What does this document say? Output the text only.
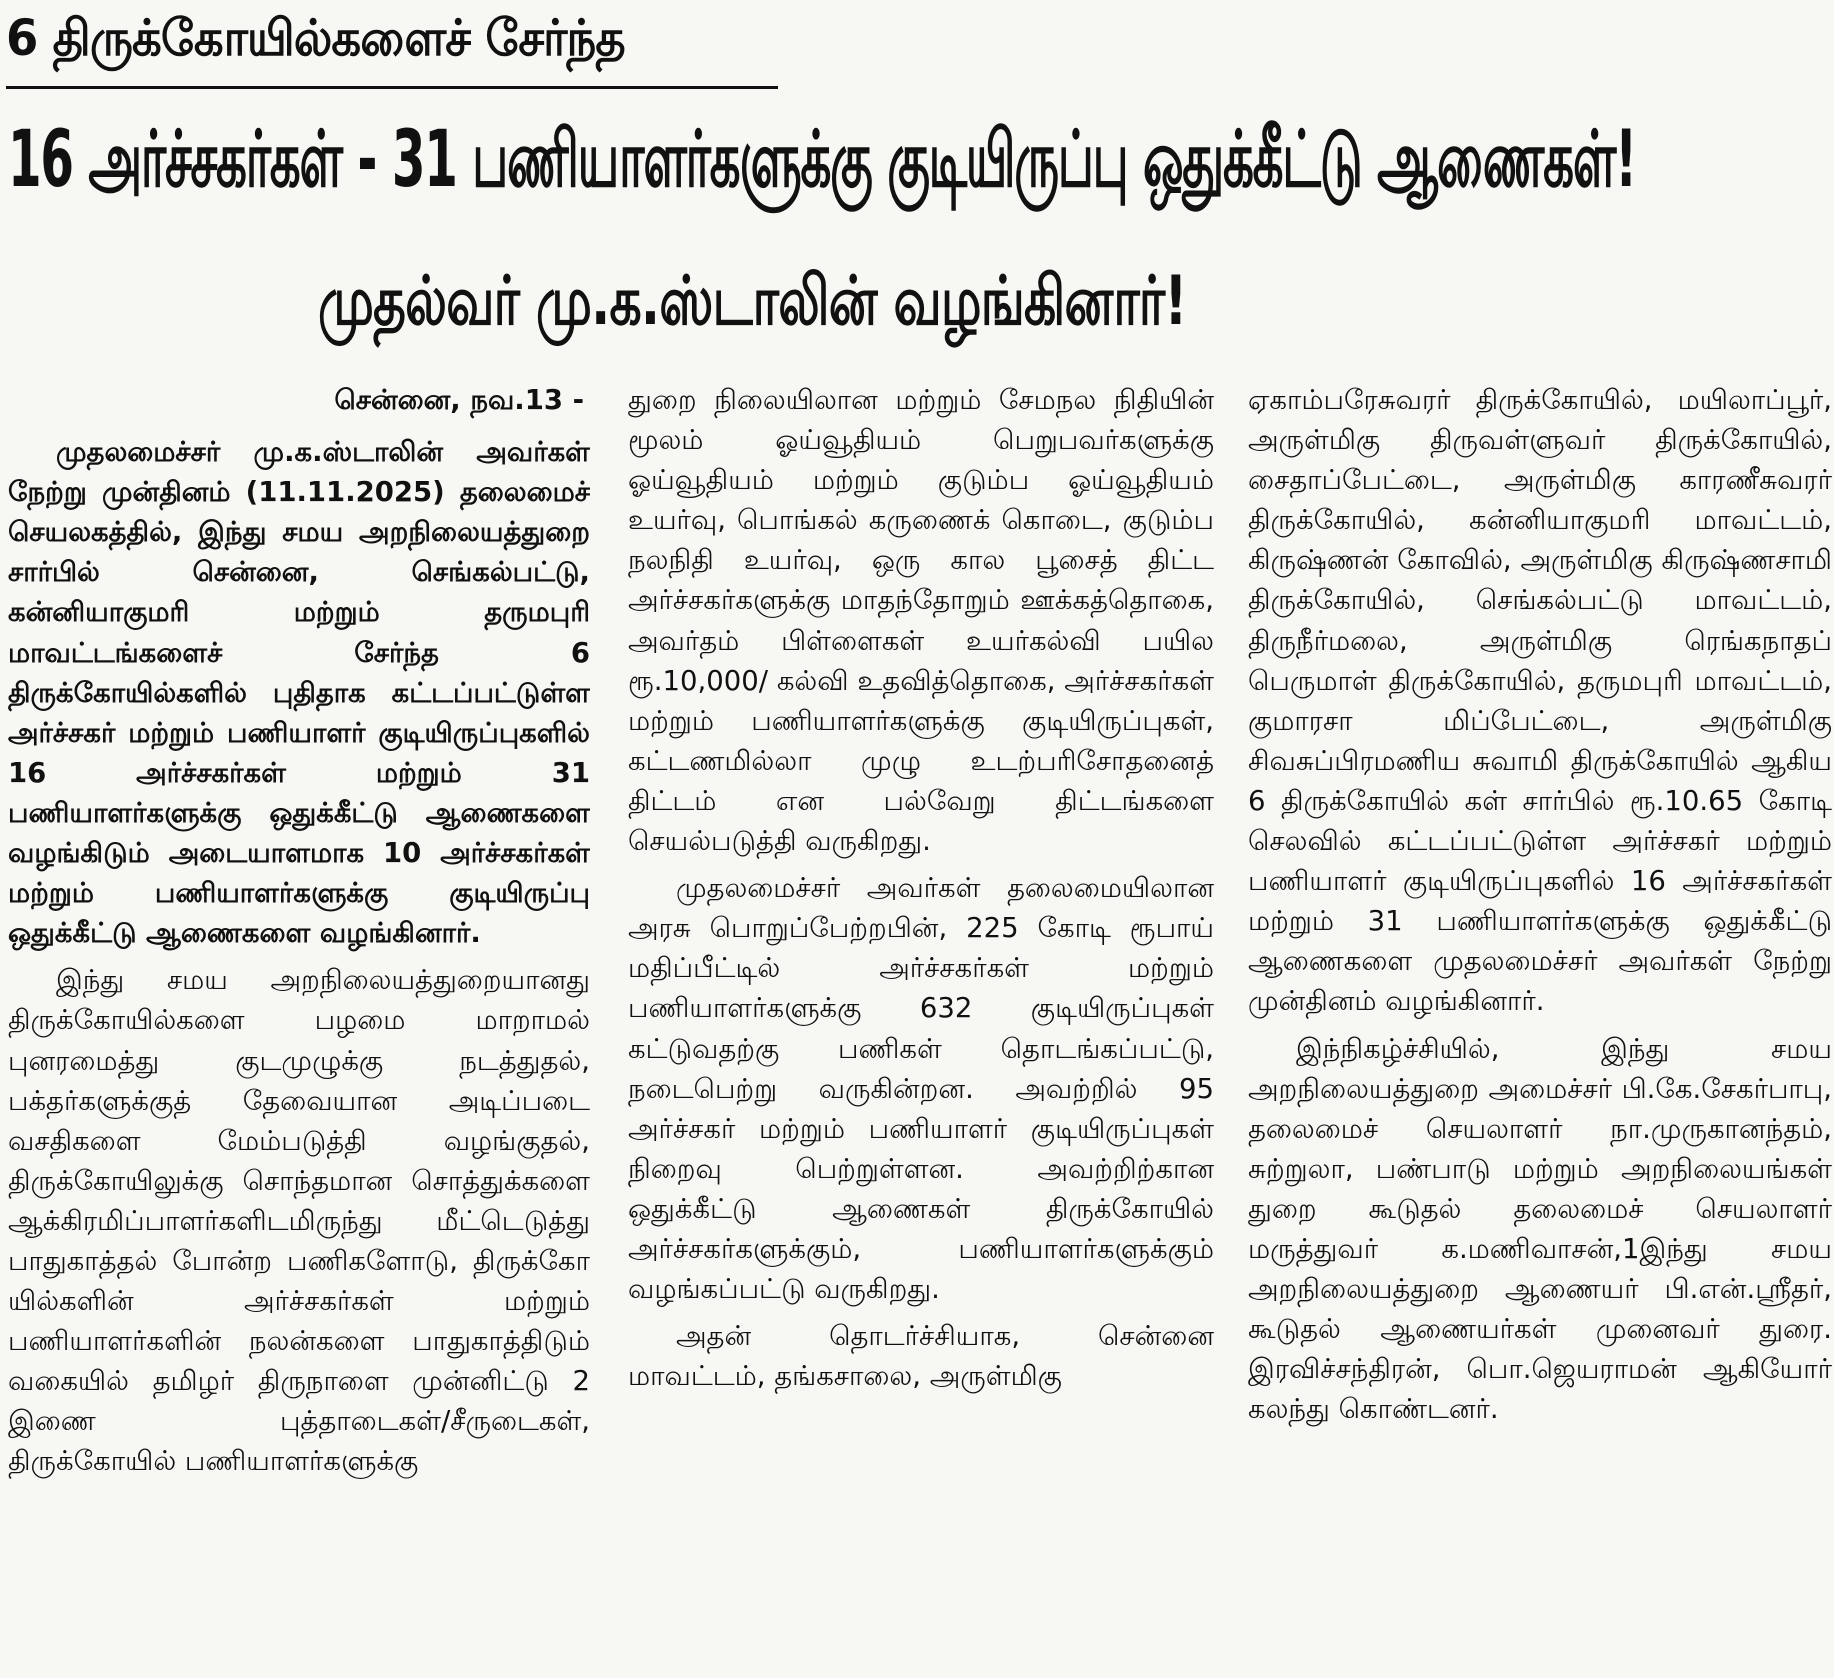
6 திருக்கோயில்களைச் சேர்ந்த
16 அர்ச்சகர்கள் - 31 பணியாளர்களுக்கு குடியிருப்பு ஒதுக்கீட்டு ஆணைகள்!
முதல்வர் மு.க.ஸ்டாலின் வழங்கினார்!
சென்னை, நவ.13 -

முதலமைச்சர் மு.க.ஸ்டாலின் அவர்கள் நேற்று முன்தினம் (11.11.2025) தலைமைச் செயலகத்தில், இந்து சமய அறநிலையத்துறை சார்பில் சென்னை, செங்கல்பட்டு, கன்னியாகுமரி மற்றும் தருமபுரி மாவட்டங்களைச் சேர்ந்த 6 திருக்கோயில்களில் புதிதாக கட்டப்பட்டுள்ள அர்ச்சகர் மற்றும் பணியாளர் குடியிருப்புகளில் 16 அர்ச்சகர்கள் மற்றும் 31 பணியாளர்களுக்கு ஒதுக்கீட்டு ஆணைகளை வழங்கிடும் அடையாளமாக 10 அர்ச்சகர்கள் மற்றும் பணியாளர்களுக்கு குடியிருப்பு ஒதுக்கீட்டு ஆணைகளை வழங்கினார்.

இந்து சமய அறநிலையத்துறையானது திருக்கோயில்களை பழமை மாறாமல் புனரமைத்து குடமுழுக்கு நடத்துதல், பக்தர்களுக்குத் தேவையான அடிப்படை வசதிகளை மேம்படுத்தி வழங்குதல், திருக்கோயிலுக்கு சொந்தமான சொத்துக்களை ஆக்கிரமிப்பாளர்களிடமிருந்து மீட்டெடுத்து பாதுகாத்தல் போன்ற பணிகளோடு, திருக்கோ யில்களின் அர்ச்சகர்கள் மற்றும் பணியாளர்களின் நலன்களை பாதுகாத்திடும் வகையில் தமிழர் திருநாளை முன்னிட்டு 2 இணை புத்தாடைகள்/சீருடைகள், திருக்கோயில் பணியாளர்களுக்கு

துறை நிலையிலான மற்றும் சேமநல நிதியின் மூலம் ஓய்வூதியம் பெறுபவர்களுக்கு ஓய்வூதியம் மற்றும் குடும்ப ஓய்வூதியம் உயர்வு, பொங்கல் கருணைக் கொடை, குடும்ப நலநிதி உயர்வு, ஒரு கால பூசைத் திட்ட அர்ச்சகர்களுக்கு மாதந்தோறும் ஊக்கத்தொகை, அவர்தம் பிள்ளைகள் உயர்கல்வி பயில ரூ.10,000/ கல்வி உதவித்தொகை, அர்ச்சகர்கள் மற்றும் பணியாளர்களுக்கு குடியிருப்புகள், கட்டணமில்லா முழு உடற்பரிசோதனைத் திட்டம் என பல்வேறு திட்டங்களை செயல்படுத்தி வருகிறது.

முதலமைச்சர் அவர்கள் தலைமையிலான அரசு பொறுப்பேற்றபின், 225 கோடி ரூபாய் மதிப்பீட்டில் அர்ச்சகர்கள் மற்றும் பணியாளர்களுக்கு 632 குடியிருப்புகள் கட்டுவதற்கு பணிகள் தொடங்கப்பட்டு, நடைபெற்று வருகின்றன. அவற்றில் 95 அர்ச்சகர் மற்றும் பணியாளர் குடியிருப்புகள் நிறைவு பெற்றுள்ளன. அவற்றிற்கான ஒதுக்கீட்டு ஆணைகள் திருக்கோயில் அர்ச்சகர்களுக்கும், பணியாளர்களுக்கும் வழங்கப்பட்டு வருகிறது.

அதன் தொடர்ச்சியாக, சென்னை மாவட்டம், தங்கசாலை, அருள்மிகு

ஏகாம்பரேசுவரர் திருக்கோயில், மயிலாப்பூர், அருள்மிகு திருவள்ளுவர் திருக்கோயில், சைதாப்பேட்டை, அருள்மிகு காரணீசுவரர் திருக்கோயில், கன்னியாகுமரி மாவட்டம், கிருஷ்ணன் கோவில், அருள்மிகு கிருஷ்ணசாமி திருக்கோயில், செங்கல்பட்டு மாவட்டம், திருநீர்மலை, அருள்மிகு ரெங்கநாதப் பெருமாள் திருக்கோயில், தருமபுரி மாவட்டம், குமாரசா மிப்பேட்டை, அருள்மிகு சிவசுப்பிரமணிய சுவாமி திருக்கோயில் ஆகிய 6 திருக்கோயில் கள் சார்பில் ரூ.10.65 கோடி செலவில் கட்டப்பட்டுள்ள அர்ச்சகர் மற்றும் பணியாளர் குடியிருப்புகளில் 16 அர்ச்சகர்கள் மற்றும் 31 பணியாளர்களுக்கு ஒதுக்கீட்டு ஆணைகளை முதலமைச்சர் அவர்கள் நேற்று முன்தினம் வழங்கினார்.

இந்நிகழ்ச்சியில், இந்து சமய அறநிலையத்துறை அமைச்சர் பி.கே.சேகர்பாபு, தலைமைச் செயலாளர் நா.முருகானந்தம், சுற்றுலா, பண்பாடு மற்றும் அறநிலையங்கள் துறை கூடுதல் தலைமைச் செயலாளர் மருத்துவர் க.மணிவாசன்,1இந்து சமய அறநிலையத்துறை ஆணையர் பி.என்.ஸ்ரீதர், கூடுதல் ஆணையர்கள் முனைவர் துரை. இரவிச்சந்திரன், பொ.ஜெயராமன் ஆகியோர் கலந்து கொண்டனர்.
